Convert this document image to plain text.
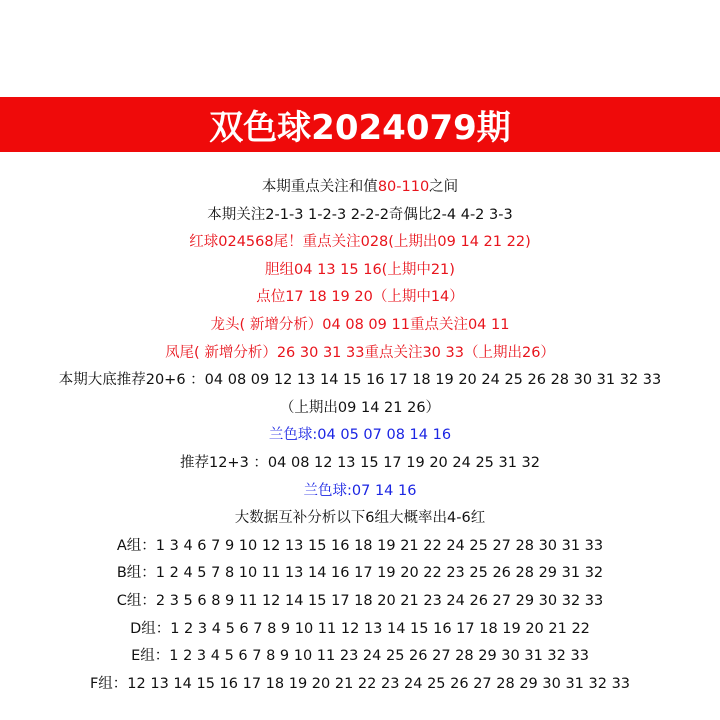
双色球2024079期
本期重点关注和值80-110之间
本期关注2-1-3 1-2-3 2-2-2奇偶比2-4 4-2 3-3
红球024568尾！重点关注028(上期出09 14 21 22)
胆组04 13 15 16(上期中21)
点位17 18 19 20（上期中14）
龙头( 新增分析）04 08 09 11重点关注04 11
凤尾( 新增分析）26 30 31 33重点关注30 33（上期出26）
本期大底推荐20+6 ：04 08 09 12 13 14 15 16 17 18 19 20 24 25 26 28 30 31 32 33
（上期出09 14 21 26）
兰色球:04 05 07 08 14 16
推荐12+3 ：04 08 12 13 15 17 19 20 24 25 31 32
兰色球:07 14 16
大数据互补分析以下6组大概率出4-6红
A组：1 3 4 6 7 9 10 12 13 15 16 18 19 21 22 24 25 27 28 30 31 33
B组：1 2 4 5 7 8 10 11 13 14 16 17 19 20 22 23 25 26 28 29 31 32
C组：2 3 5 6 8 9 11 12 14 15 17 18 20 21 23 24 26 27 29 30 32 33
D组：1 2 3 4 5 6 7 8 9 10 11 12 13 14 15 16 17 18 19 20 21 22
E组：1 2 3 4 5 6 7 8 9 10 11 23 24 25 26 27 28 29 30 31 32 33
F组：12 13 14 15 16 17 18 19 20 21 22 23 24 25 26 27 28 29 30 31 32 33
